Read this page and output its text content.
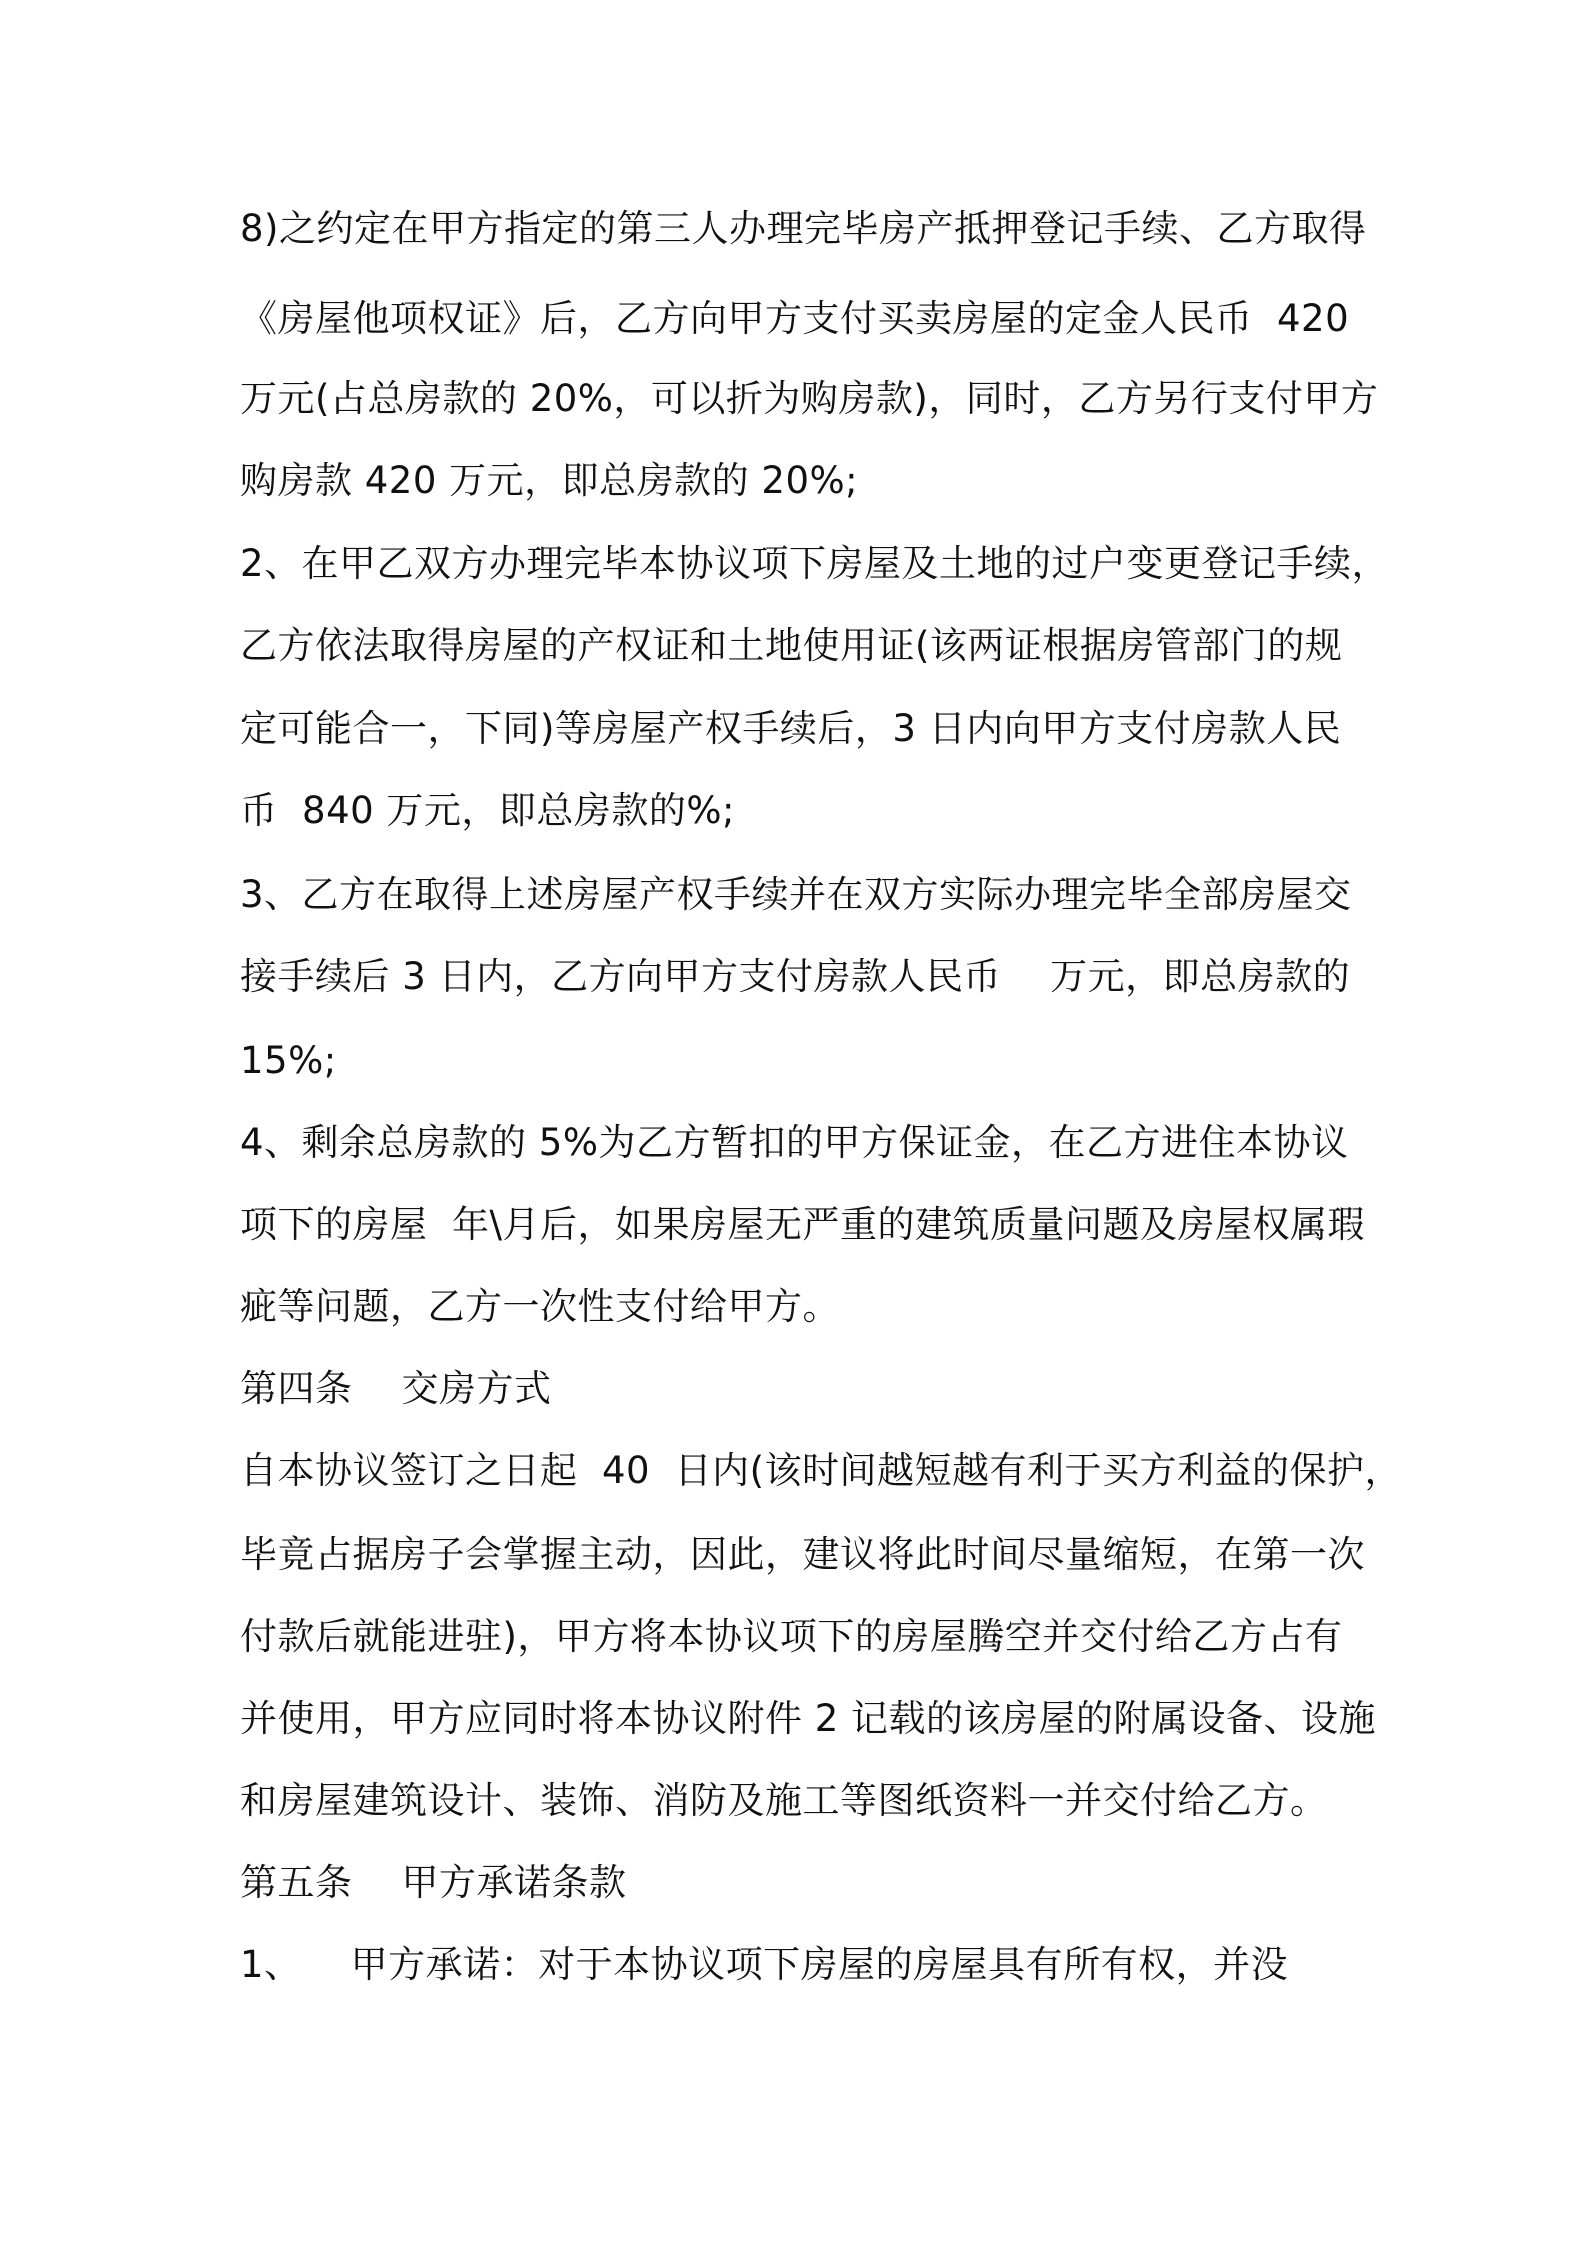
8)之约定在甲方指定的第三人办理完毕房产抵押登记手续、乙方取得
《房屋他项权证》后，乙方向甲方支付买卖房屋的定金人民币  420
万元(占总房款的 20%，可以折为购房款)，同时，乙方另行支付甲方
购房款 420 万元，即总房款的 20%;
2、在甲乙双方办理完毕本协议项下房屋及土地的过户变更登记手续，
乙方依法取得房屋的产权证和土地使用证(该两证根据房管部门的规
定可能合一，下同)等房屋产权手续后，3 日内向甲方支付房款人民
币  840 万元，即总房款的%;
3、乙方在取得上述房屋产权手续并在双方实际办理完毕全部房屋交
接手续后 3 日内，乙方向甲方支付房款人民币    万元，即总房款的
15%;
4、剩余总房款的 5%为乙方暂扣的甲方保证金，在乙方进住本协议
项下的房屋  年\月后，如果房屋无严重的建筑质量问题及房屋权属瑕
疵等问题，乙方一次性支付给甲方。
第四条    交房方式
自本协议签订之日起  40  日内(该时间越短越有利于买方利益的保护，
毕竟占据房子会掌握主动，因此，建议将此时间尽量缩短，在第一次
付款后就能进驻)，甲方将本协议项下的房屋腾空并交付给乙方占有
并使用，甲方应同时将本协议附件 2 记载的该房屋的附属设备、设施
和房屋建筑设计、装饰、消防及施工等图纸资料一并交付给乙方。
第五条    甲方承诺条款
1、    甲方承诺：对于本协议项下房屋的房屋具有所有权，并没
